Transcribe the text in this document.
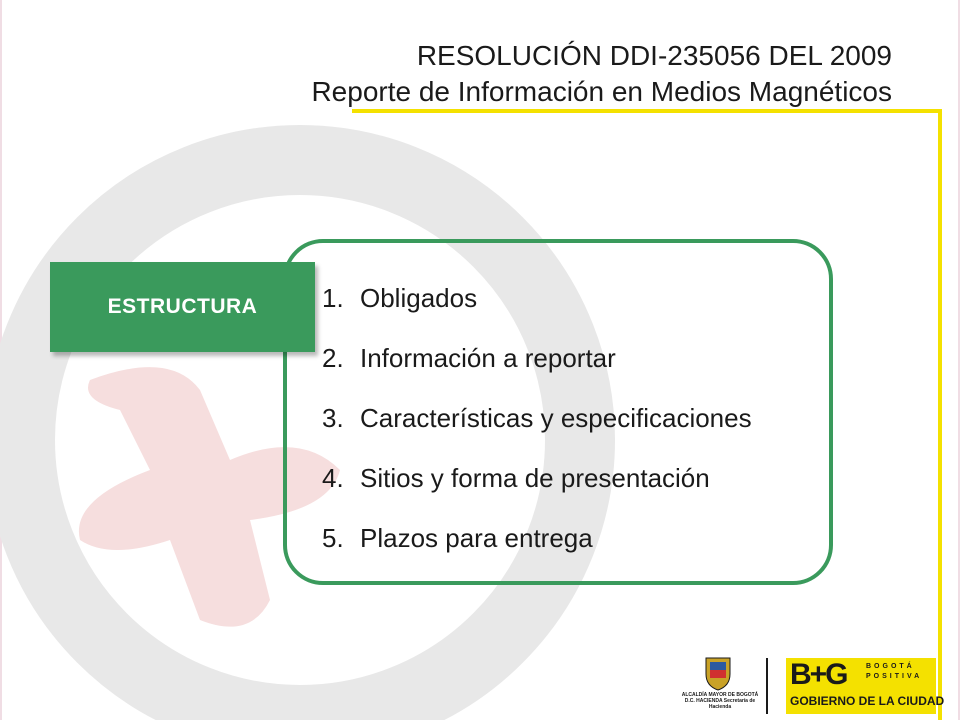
RESOLUCIÓN DDI-235056 DEL 2009
Reporte de Información en Medios Magnéticos
ESTRUCTURA 1. Obligados
2. Información a reportar
3. Características y especificaciones
4. Sitios y forma de presentación
5. Plazos para entrega
ALCALDÍA MAYOR DE BOGOTÁ D.C. HACIENDA Secretaría de Hacienda
B+G	BOGOTÁ POSITIVA
GOBIERNO DE LA CIUDAD
